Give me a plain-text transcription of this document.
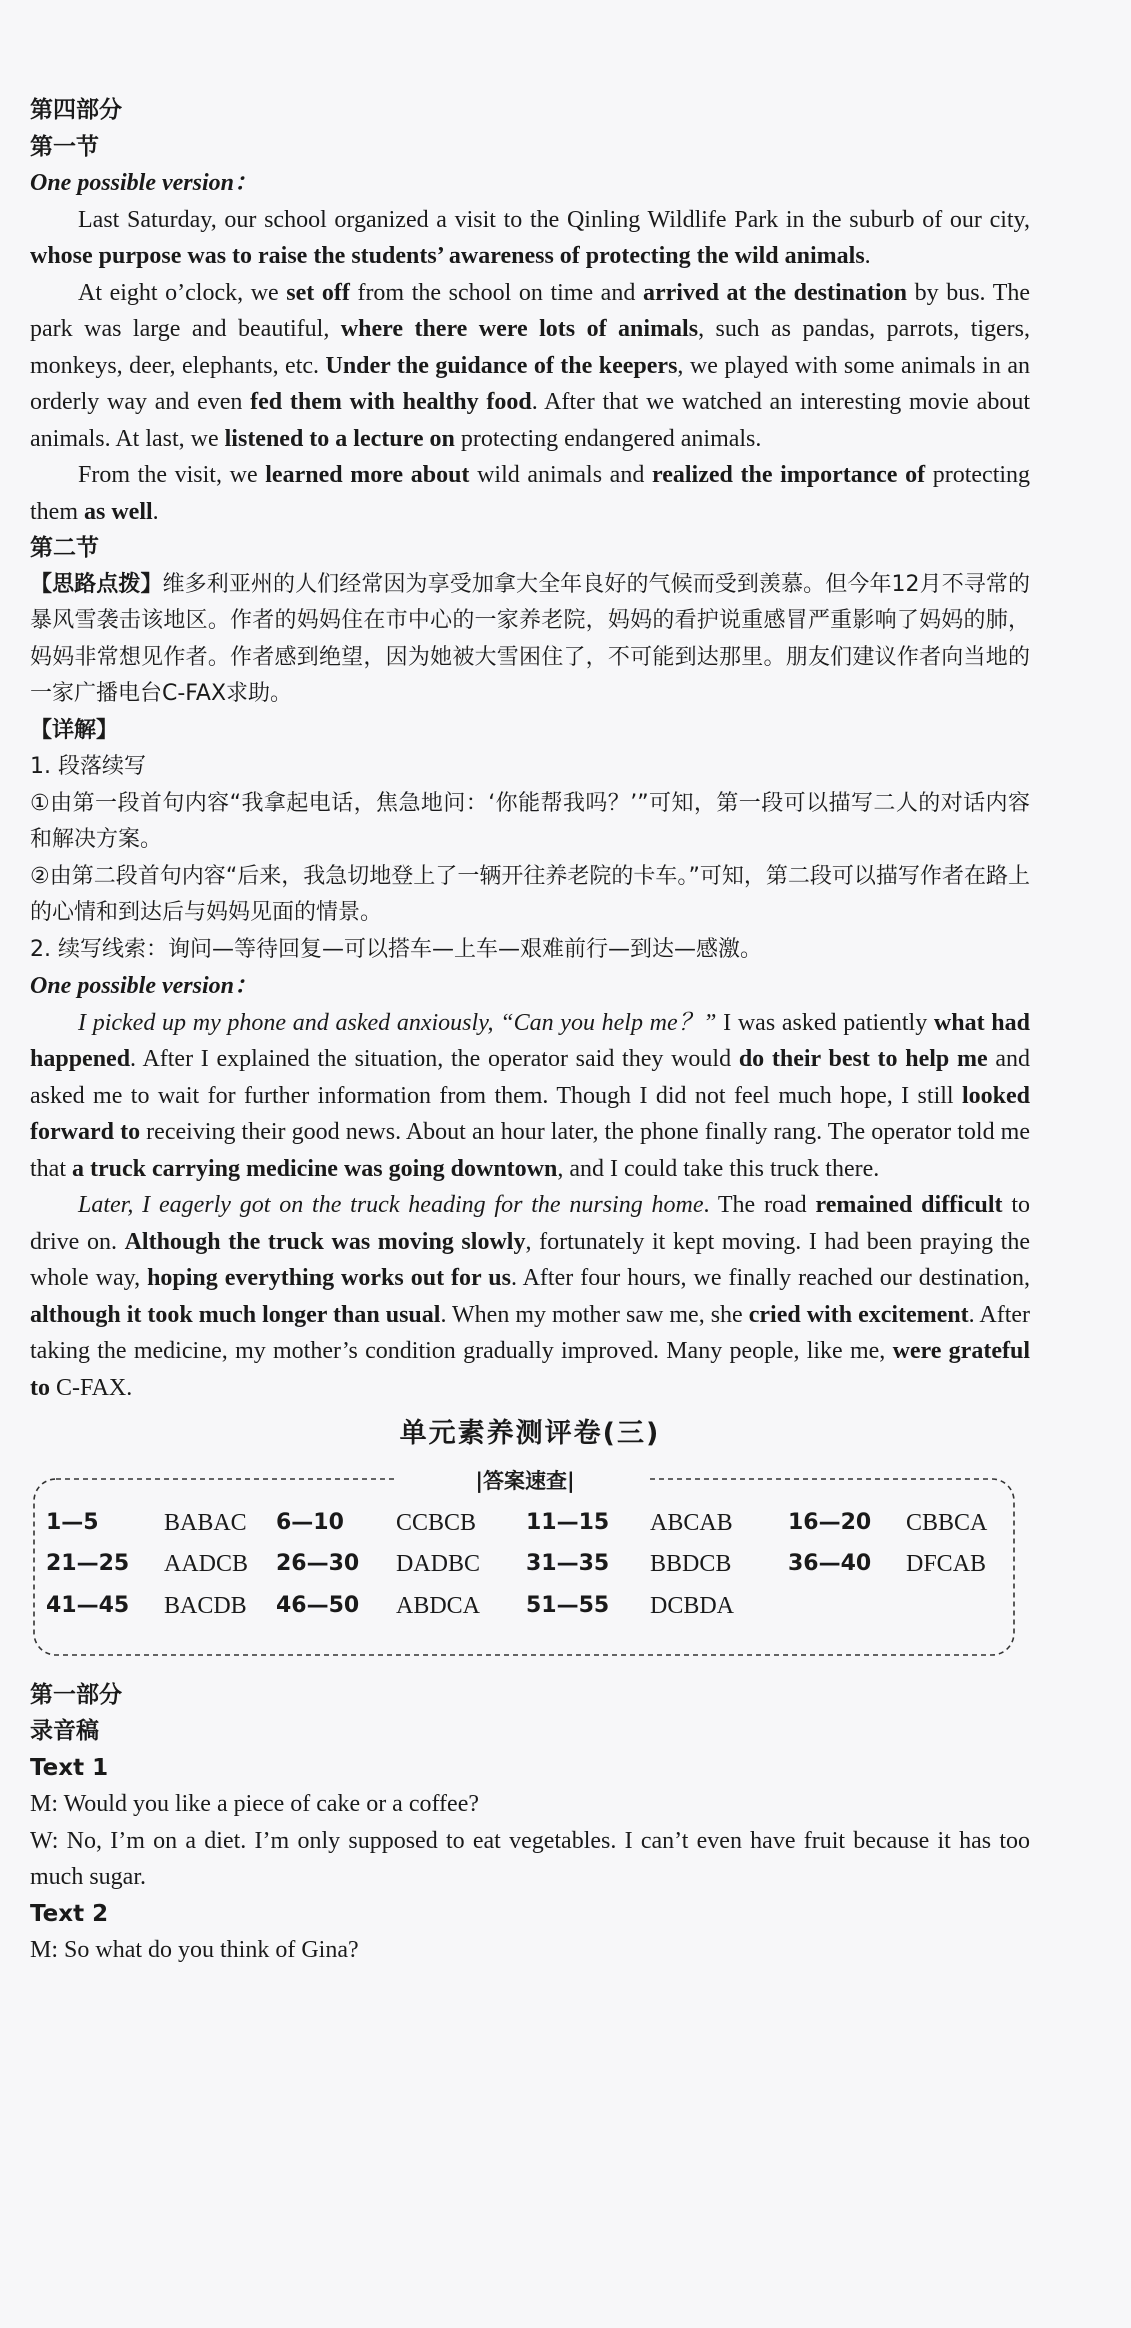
第四部分
第一节
One possible version：

Last Saturday, our school organized a visit to the Qinling Wildlife Park in the suburb of our city, whose purpose was to raise the students’ awareness of protecting the wild animals.

At eight o’clock, we set off from the school on time and arrived at the destination by bus. The park was large and beautiful, where there were lots of animals, such as pandas, parrots, tigers, monkeys, deer, elephants, etc. Under the guidance of the keepers, we played with some animals in an orderly way and even fed them with healthy food. After that we watched an interesting movie about animals. At last, we listened to a lecture on protecting endangered animals.

From the visit, we learned more about wild animals and realized the importance of protecting them as well.

第二节
【思路点拨】维多利亚州的人们经常因为享受加拿大全年良好的气候而受到羡慕。但今年12月不寻常的暴风雪袭击该地区。作者的妈妈住在市中心的一家养老院，妈妈的看护说重感冒严重影响了妈妈的肺，妈妈非常想见作者。作者感到绝望，因为她被大雪困住了，不可能到达那里。朋友们建议作者向当地的一家广播电台C-FAX求助。
【详解】
1. 段落续写
①由第一段首句内容“我拿起电话，焦急地问：‘你能帮我吗？’”可知，第一段可以描写二人的对话内容和解决方案。
②由第二段首句内容“后来，我急切地登上了一辆开往养老院的卡车。”可知，第二段可以描写作者在路上的心情和到达后与妈妈见面的情景。
2. 续写线索：询问—等待回复—可以搭车—上车—艰难前行—到达—感激。
One possible version：

I picked up my phone and asked anxiously, “Can you help me？” I was asked patiently what had happened. After I explained the situation, the operator said they would do their best to help me and asked me to wait for further information from them. Though I did not feel much hope, I still looked forward to receiving their good news. About an hour later, the phone finally rang. The operator told me that a truck carrying medicine was going downtown, and I could take this truck there.

Later, I eagerly got on the truck heading for the nursing home. The road remained difficult to drive on. Although the truck was moving slowly, fortunately it kept moving. I had been praying the whole way, hoping everything works out for us. After four hours, we finally reached our destination, although it took much longer than usual. When my mother saw me, she cried with excitement. After taking the medicine, my mother’s condition gradually improved. Many people, like me, were grateful to C-FAX.

单元素养测评卷(三)
|答案速查|
1—5	BABAC	6—10	CCBCB	11—15	ABCAB	16—20	CBBCA
21—25	AADCB	26—30	DADBC	31—35	BBDCB	36—40	DFCAB
41—45	BACDB	46—50	ABDCA	51—55	DCBDA
第一部分
录音稿
Text 1
M: Would you like a piece of cake or a coffee?
W: No, I’m on a diet. I’m only supposed to eat vegetables. I can’t even have fruit because it has too much sugar.
Text 2
M: So what do you think of Gina?
